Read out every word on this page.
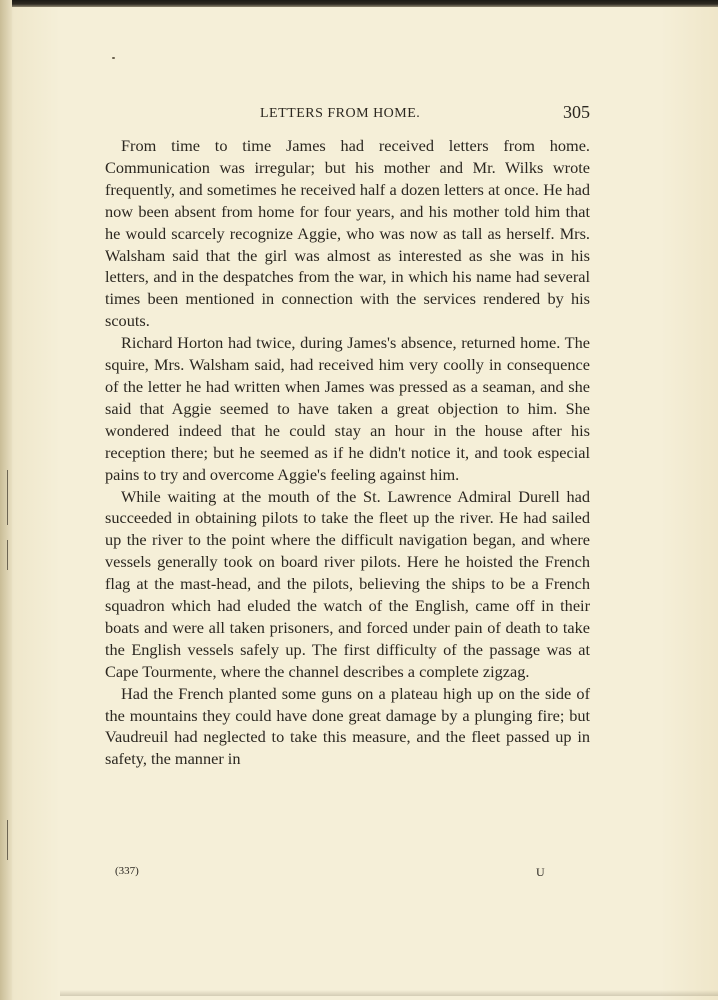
LETTERS FROM HOME.	305

From time to time James had received letters from home. Communication was irregular; but his mother and Mr. Wilks wrote frequently, and sometimes he received half a dozen letters at once. He had now been absent from home for four years, and his mother told him that he would scarcely recognize Aggie, who was now as tall as herself. Mrs. Walsham said that the girl was almost as interested as she was in his letters, and in the despatches from the war, in which his name had several times been mentioned in connection with the services rendered by his scouts.

Richard Horton had twice, during James's absence, returned home. The squire, Mrs. Walsham said, had received him very coolly in consequence of the letter he had written when James was pressed as a seaman, and she said that Aggie seemed to have taken a great objection to him. She wondered indeed that he could stay an hour in the house after his reception there; but he seemed as if he didn't notice it, and took especial pains to try and overcome Aggie's feeling against him.

While waiting at the mouth of the St. Lawrence Admiral Durell had succeeded in obtaining pilots to take the fleet up the river. He had sailed up the river to the point where the difficult navigation began, and where vessels generally took on board river pilots. Here he hoisted the French flag at the mast-head, and the pilots, believing the ships to be a French squadron which had eluded the watch of the English, came off in their boats and were all taken prisoners, and forced under pain of death to take the English vessels safely up. The first difficulty of the passage was at Cape Tourmente, where the channel describes a complete zigzag.

Had the French planted some guns on a plateau high up on the side of the mountains they could have done great damage by a plunging fire; but Vaudreuil had neglected to take this measure, and the fleet passed up in safety, the manner in

(337)	U
